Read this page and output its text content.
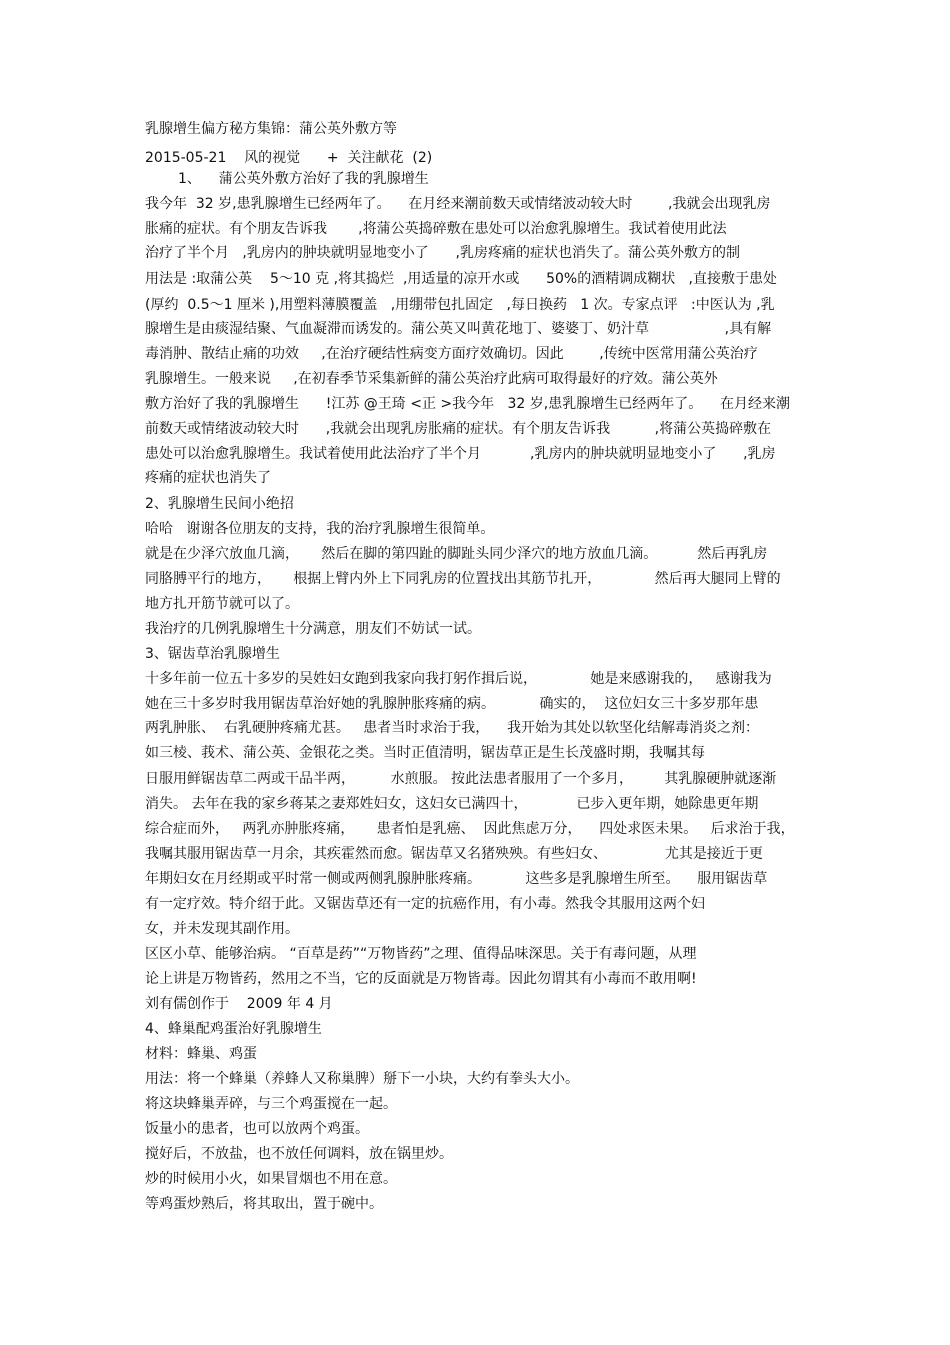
乳腺增生偏方秘方集锦：蒲公英外敷方等
2015-05-21    风的视觉      +  关注献花  (2)
1、    蒲公英外敷方治好了我的乳腺增生
我今年  32 岁,患乳腺增生已经两年了。    在月经来潮前数天或情绪波动较大时        ,我就会出现乳房
胀痛的症状。有个朋友告诉我       ,将蒲公英捣碎敷在患处可以治愈乳腺增生。我试着使用此法
治疗了半个月   ,乳房内的肿块就明显地变小了      ,乳房疼痛的症状也消失了。蒲公英外敷方的制
用法是 :取蒲公英    5～10 克 ,将其捣烂  ,用适量的凉开水或      50%的酒精调成糊状   ,直接敷于患处
(厚约  0.5～1 厘米 ),用塑料薄膜覆盖   ,用绷带包扎固定   ,每日换药   1 次。专家点评   :中医认为 ,乳
腺增生是由痰湿结聚、气血凝滞而诱发的。蒲公英又叫黄花地丁、婆婆丁、奶汁草                 ,具有解
毒消肿、散结止痛的功效     ,在治疗硬结性病变方面疗效确切。因此        ,传统中医常用蒲公英治疗
乳腺增生。一般来说     ,在初春季节采集新鲜的蒲公英治疗此病可取得最好的疗效。蒲公英外
敷方治好了我的乳腺增生      !江苏 @王琦 <正 >我今年   32 岁,患乳腺增生已经两年了。    在月经来潮
前数天或情绪波动较大时      ,我就会出现乳房胀痛的症状。有个朋友告诉我          ,将蒲公英捣碎敷在
患处可以治愈乳腺增生。我试着使用此法治疗了半个月           ,乳房内的肿块就明显地变小了      ,乳房
疼痛的症状也消失了
2、乳腺增生民间小绝招
哈哈   谢谢各位朋友的支持，我的治疗乳腺增生很简单。
就是在少泽穴放血几滴，     然后在脚的第四趾的脚趾头同少泽穴的地方放血几滴。         然后再乳房
同胳膊平行的地方，     根据上臂内外上下同乳房的位置找出其筋节扎开，            然后再大腿同上臂的
地方扎开筋节就可以了。
我治疗的几例乳腺增生十分满意，朋友们不妨试一试。
3、锯齿草治乳腺增生
十多年前一位五十多岁的吴姓妇女跑到我家向我打躬作揖后说，            她是来感谢我的，   感谢我为
她在三十多岁时我用锯齿草治好她的乳腺肿胀疼痛的病。          确实的，  这位妇女三十多岁那年患
两乳肿胀、  右乳硬肿疼痛尤甚。   患者当时求治于我，    我开始为其处以软坚化结解毒消炎之剂：
如三棱、莪术、蒲公英、金银花之类。当时正值清明，锯齿草正是生长茂盛时期，我嘱其每
日服用鲜锯齿草二两或干品半两，        水煎服。 按此法患者服用了一个多月，       其乳腺硬肿就逐渐
消失。 去年在我的家乡蒋某之妻郑姓妇女，这妇女已满四十，           已步入更年期，她除患更年期
综合症而外，   两乳亦肿胀疼痛，     患者怕是乳癌、  因此焦虑万分，    四处求医未果。   后求治于我，
我嘱其服用锯齿草一月余，其疾霍然而愈。锯齿草又名猪殃殃。有些妇女、             尤其是接近于更
年期妇女在月经期或平时常一侧或两侧乳腺肿胀疼痛。          这些多是乳腺增生所至。    服用锯齿草
有一定疗效。特介绍于此。又锯齿草还有一定的抗癌作用，有小毒。然我令其服用这两个妇
女，并未发现其副作用。
区区小草、能够治病。 “百草是药”“万物皆药”之理、值得品味深思。关于有毒问题，从理
论上讲是万物皆药，然用之不当，它的反面就是万物皆毒。因此勿谓其有小毒而不敢用啊!
刘有儒创作于    2009 年 4 月
4、蜂巢配鸡蛋治好乳腺增生
材料：蜂巢、鸡蛋
用法：将一个蜂巢（养蜂人又称巢脾）掰下一小块，大约有拳头大小。
将这块蜂巢弄碎，与三个鸡蛋搅在一起。
饭量小的患者，也可以放两个鸡蛋。
搅好后，不放盐，也不放任何调料，放在锅里炒。
炒的时候用小火，如果冒烟也不用在意。
等鸡蛋炒熟后，将其取出，置于碗中。
